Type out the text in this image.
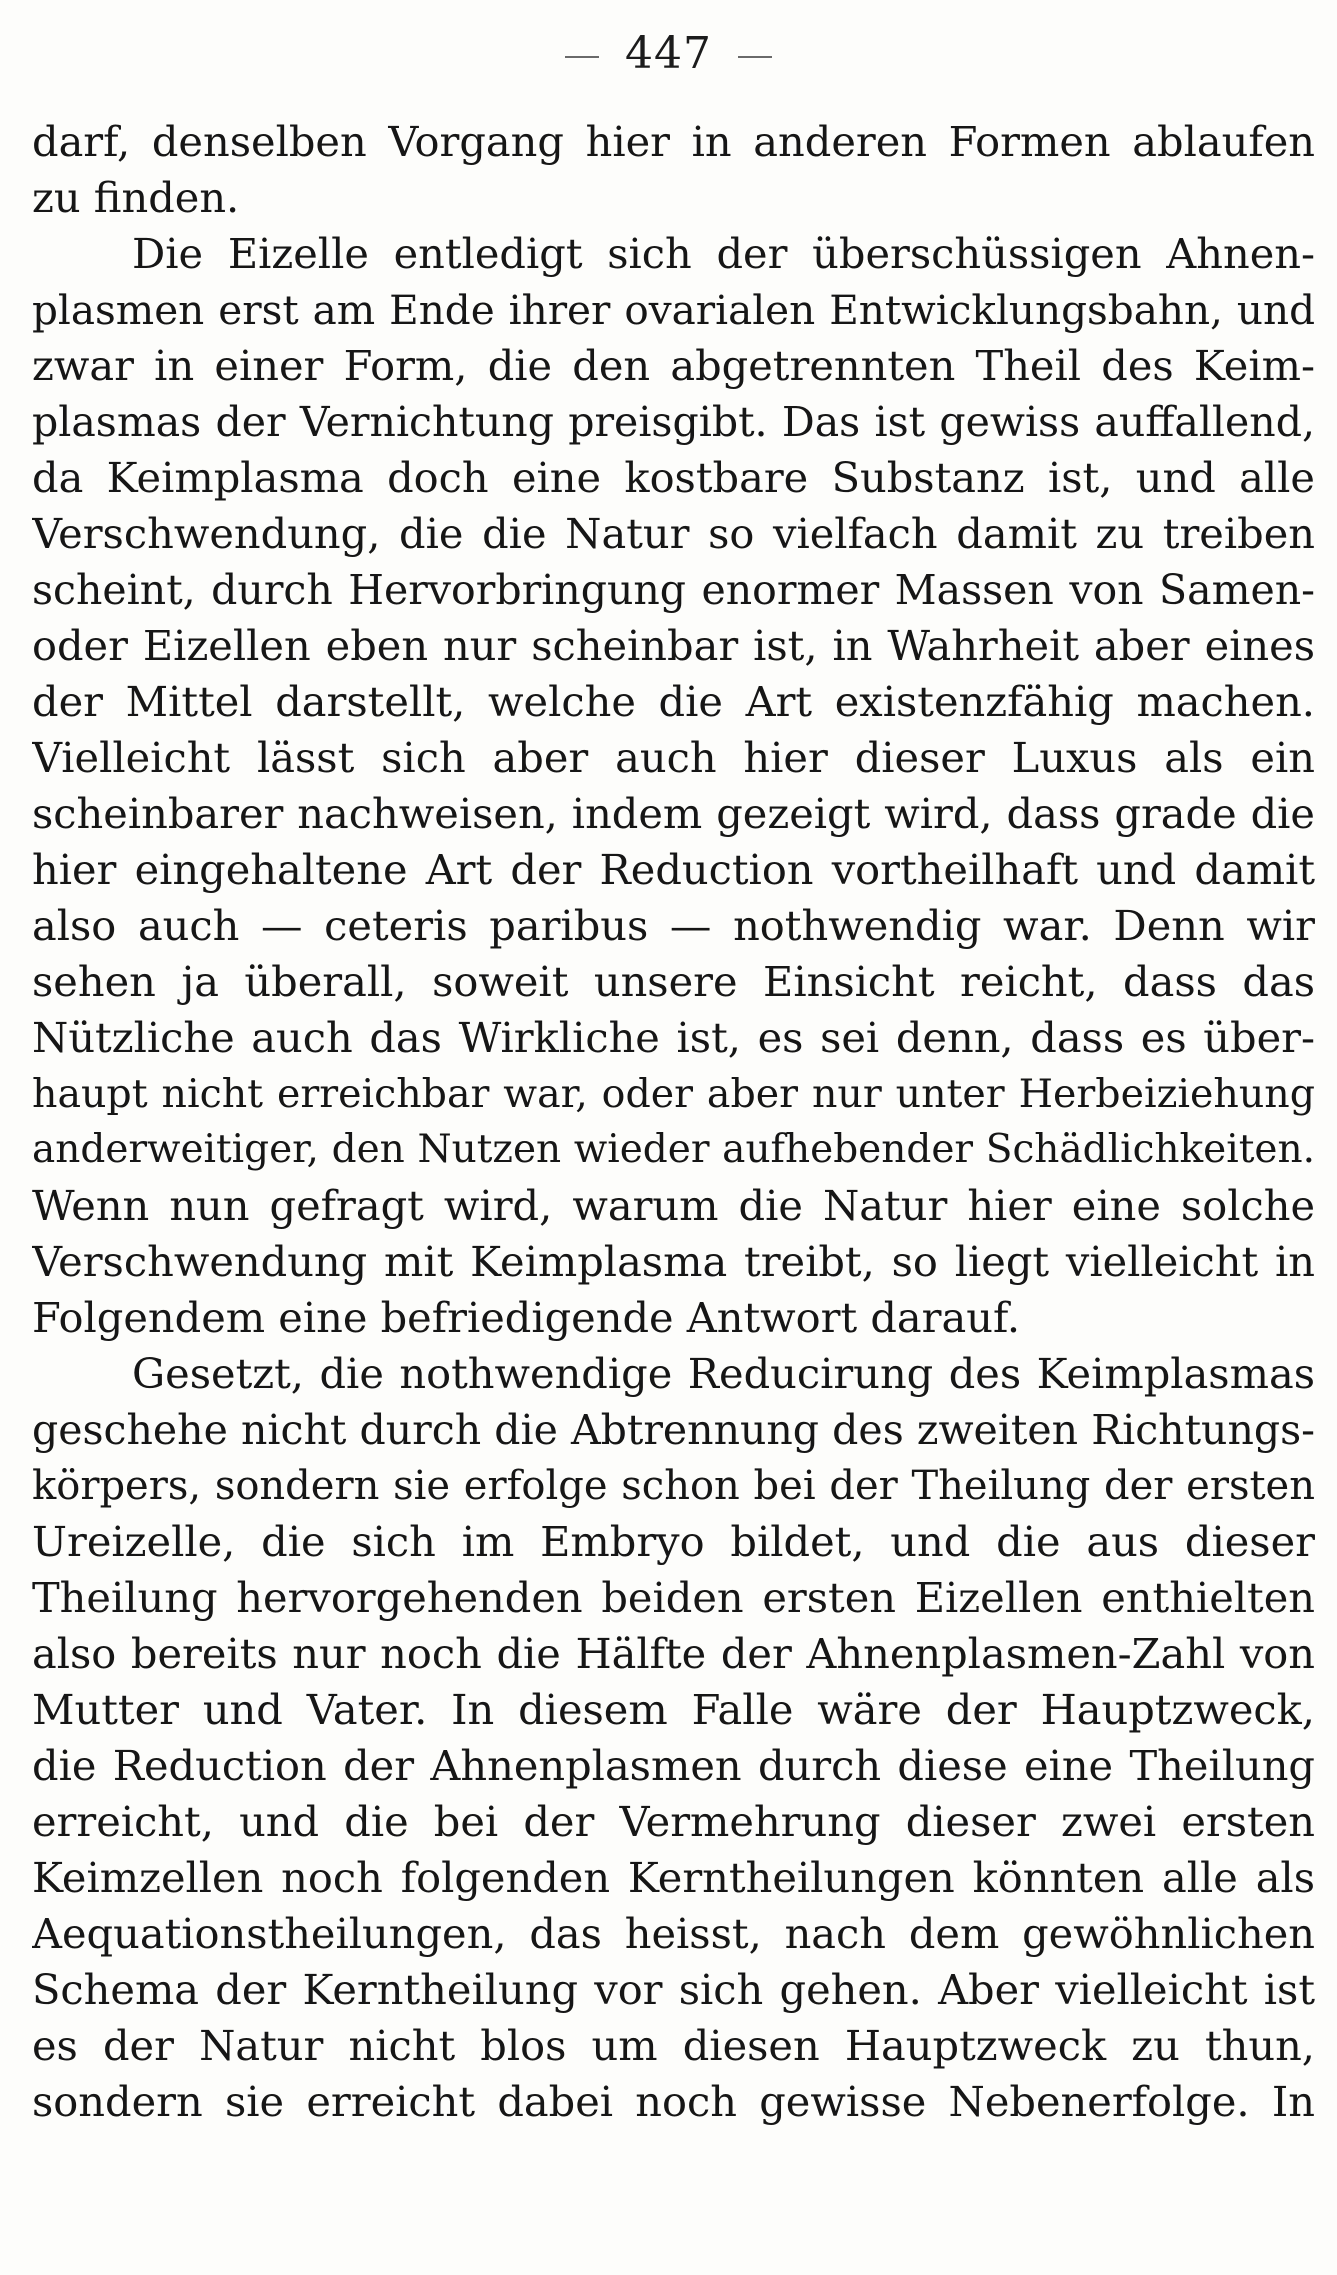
447
darf, denselben Vorgang hier in anderen Formen ablaufen
zu finden.
Die Eizelle entledigt sich der überschüssigen Ahnen-
plasmen erst am Ende ihrer ovarialen Entwicklungsbahn, und
zwar in einer Form, die den abgetrennten Theil des Keim-
plasmas der Vernichtung preisgibt. Das ist gewiss auffallend,
da Keimplasma doch eine kostbare Substanz ist, und alle
Verschwendung, die die Natur so vielfach damit zu treiben
scheint, durch Hervorbringung enormer Massen von Samen-
oder Eizellen eben nur scheinbar ist, in Wahrheit aber eines
der Mittel darstellt, welche die Art existenzfähig machen.
Vielleicht lässt sich aber auch hier dieser Luxus als ein
scheinbarer nachweisen, indem gezeigt wird, dass grade die
hier eingehaltene Art der Reduction vortheilhaft und damit
also auch — ceteris paribus — nothwendig war. Denn wir
sehen ja überall, soweit unsere Einsicht reicht, dass das
Nützliche auch das Wirkliche ist, es sei denn, dass es über-
haupt nicht erreichbar war, oder aber nur unter Herbeiziehung
anderweitiger, den Nutzen wieder aufhebender Schädlichkeiten.
Wenn nun gefragt wird, warum die Natur hier eine solche
Verschwendung mit Keimplasma treibt, so liegt vielleicht in
Folgendem eine befriedigende Antwort darauf.
Gesetzt, die nothwendige Reducirung des Keimplasmas
geschehe nicht durch die Abtrennung des zweiten Richtungs-
körpers, sondern sie erfolge schon bei der Theilung der ersten
Ureizelle, die sich im Embryo bildet, und die aus dieser
Theilung hervorgehenden beiden ersten Eizellen enthielten
also bereits nur noch die Hälfte der Ahnenplasmen-Zahl von
Mutter und Vater. In diesem Falle wäre der Hauptzweck,
die Reduction der Ahnenplasmen durch diese eine Theilung
erreicht, und die bei der Vermehrung dieser zwei ersten
Keimzellen noch folgenden Kerntheilungen könnten alle als
Aequationstheilungen, das heisst, nach dem gewöhnlichen
Schema der Kerntheilung vor sich gehen. Aber vielleicht ist
es der Natur nicht blos um diesen Hauptzweck zu thun,
sondern sie erreicht dabei noch gewisse Nebenerfolge. In
